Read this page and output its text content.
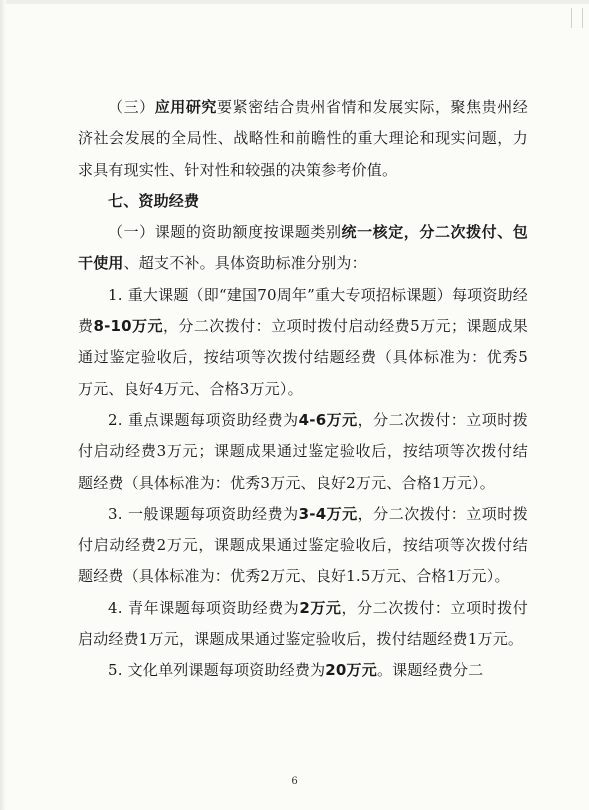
（三）应用研究要紧密结合贵州省情和发展实际，聚焦贵州经济社会发展的全局性、战略性和前瞻性的重大理论和现实问题，力求具有现实性、针对性和较强的决策参考价值。

七、资助经费

（一）课题的资助额度按课题类别统一核定，分二次拨付、包干使用、超支不补。具体资助标准分别为：

1. 重大课题（即“建国70周年”重大专项招标课题）每项资助经费8-10万元，分二次拨付：立项时拨付启动经费5万元；课题成果通过鉴定验收后，按结项等次拨付结题经费（具体标准为：优秀5万元、良好4万元、合格3万元）。

2. 重点课题每项资助经费为4-6万元，分二次拨付：立项时拨付启动经费3万元；课题成果通过鉴定验收后，按结项等次拨付结题经费（具体标准为：优秀3万元、良好2万元、合格1万元）。

3. 一般课题每项资助经费为3-4万元，分二次拨付：立项时拨付启动经费2万元，课题成果通过鉴定验收后，按结项等次拨付结题经费（具体标准为：优秀2万元、良好1.5万元、合格1万元）。

4. 青年课题每项资助经费为2万元，分二次拨付：立项时拨付启动经费1万元，课题成果通过鉴定验收后，拨付结题经费1万元。

5. 文化单列课题每项资助经费为20万元。课题经费分二

6
